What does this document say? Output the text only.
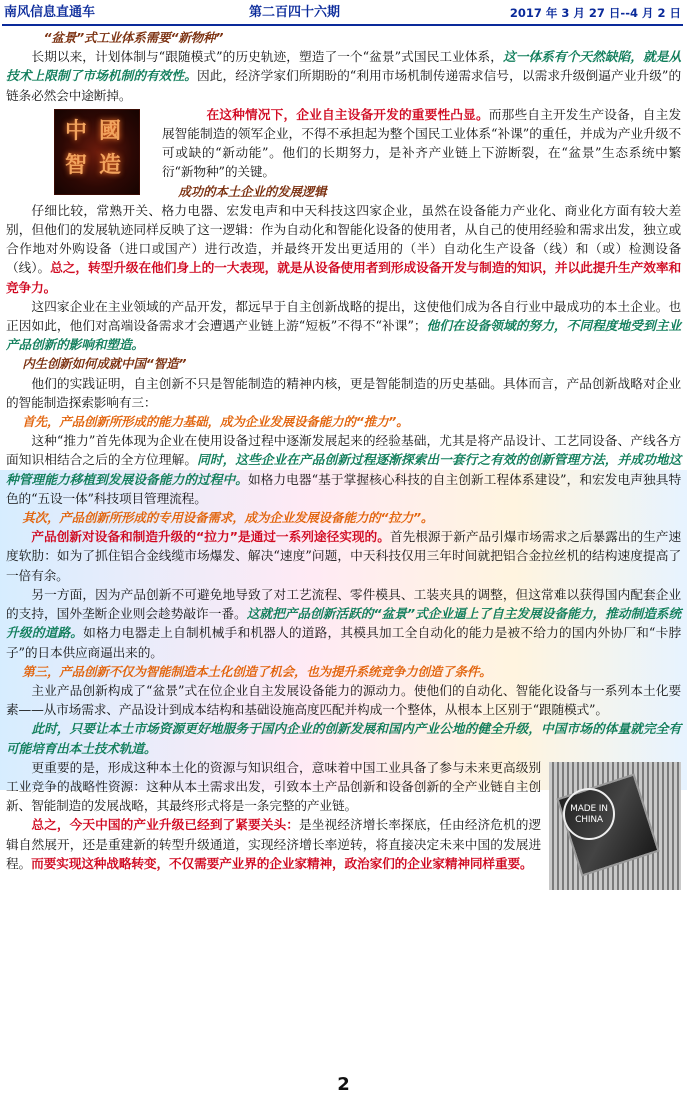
南风信息直通车	第二百四十六期	2017 年 3 月 27 日--4 月 2 日

“盆景”式工业体系需要“新物种”

长期以来，计划体制与“跟随模式”的历史轨迹，塑造了一个“盆景”式国民工业体系，这一体系有个天然缺陷，就是从技术上限制了市场机制的有效性。因此，经济学家们所期盼的“利用市场机制传递需求信号，以需求升级倒逼产业升级”的链条必然会中途断掉。

中 國
智 造

在这种情况下，企业自主设备开发的重要性凸显。而那些自主开发生产设备，自主发展智能制造的领军企业，不得不承担起为整个国民工业体系“补课”的重任，并成为产业升级不可或缺的“新动能”。他们的长期努力，是补齐产业链上下游断裂，在“盆景”生态系统中繁衍“新物种”的关键。

成功的本土企业的发展逻辑

仔细比较，常熟开关、格力电器、宏发电声和中天科技这四家企业，虽然在设备能力产业化、商业化方面有较大差别，但他们的发展轨迹同样反映了这一逻辑：作为自动化和智能化设备的使用者，从自己的使用经验和需求出发，独立或合作地对外购设备（进口或国产）进行改造，并最终开发出更适用的（半）自动化生产设备（线）和（或）检测设备（线）。总之，转型升级在他们身上的一大表现，就是从设备使用者到形成设备开发与制造的知识，并以此提升生产效率和竞争力。

这四家企业在主业领域的产品开发，都远早于自主创新战略的提出，这使他们成为各自行业中最成功的本土企业。也正因如此，他们对高端设备需求才会遭遇产业链上游“短板”不得不“补课”；他们在设备领域的努力，不同程度地受到主业产品创新的影响和塑造。

内生创新如何成就中国“智造”

他们的实践证明，自主创新不只是智能制造的精神内核，更是智能制造的历史基础。具体而言，产品创新战略对企业的智能制造探索影响有三：

首先，产品创新所形成的能力基础，成为企业发展设备能力的“推力”。

这种“推力”首先体现为企业在使用设备过程中逐渐发展起来的经验基础，尤其是将产品设计、工艺同设备、产线各方面知识相结合之后的全方位理解。同时，这些企业在产品创新过程逐渐探索出一套行之有效的创新管理方法，并成功地这种管理能力移植到发展设备能力的过程中。如格力电器“基于掌握核心科技的自主创新工程体系建设”，和宏发电声独具特色的“五设一体”科技项目管理流程。

其次，产品创新所形成的专用设备需求，成为企业发展设备能力的“拉力”。

产品创新对设备和制造升级的“拉力”是通过一系列途径实现的。首先根源于新产品引爆市场需求之后暴露出的生产速度软肋：如为了抓住铝合金线缆市场爆发、解决“速度”问题，中天科技仅用三年时间就把铝合金拉丝机的结构速度提高了一倍有余。

另一方面，因为产品创新不可避免地导致了对工艺流程、零件模具、工装夹具的调整，但这常难以获得国内配套企业的支持，国外垄断企业则会趁势敲诈一番。这就把产品创新活跃的“盆景”式企业逼上了自主发展设备能力，推动制造系统升级的道路。如格力电器走上自制机械手和机器人的道路，其模具加工全自动化的能力是被不给力的国内外协厂和“卡脖子”的日本供应商逼出来的。

第三，产品创新不仅为智能制造本土化创造了机会，也为提升系统竞争力创造了条件。

主业产品创新构成了“盆景”式在位企业自主发展设备能力的源动力。使他们的自动化、智能化设备与一系列本土化要素——从市场需求、产品设计到成本结构和基础设施高度匹配并构成一个整体，从根本上区别于“跟随模式”。

此时，只要让本土市场资源更好地服务于国内企业的创新发展和国内产业公地的健全升级，中国市场的体量就完全有可能培育出本土技术轨道。

MADE IN CHINA

更重要的是，形成这种本土化的资源与知识组合，意味着中国工业具备了参与未来更高级别工业竞争的战略性资源：这种从本土需求出发，引致本土产品创新和设备创新的全产业链自主创新、智能制造的发展战略，其最终形式将是一条完整的产业链。

总之，今天中国的产业升级已经到了紧要关头：是坐视经济增长率探底，任由经济危机的逻辑自然展开，还是重建新的转型升级通道，实现经济增长率逆转，将直接决定未来中国的发展进程。而要实现这种战略转变，不仅需要产业界的企业家精神，政治家们的企业家精神同样重要。

2
